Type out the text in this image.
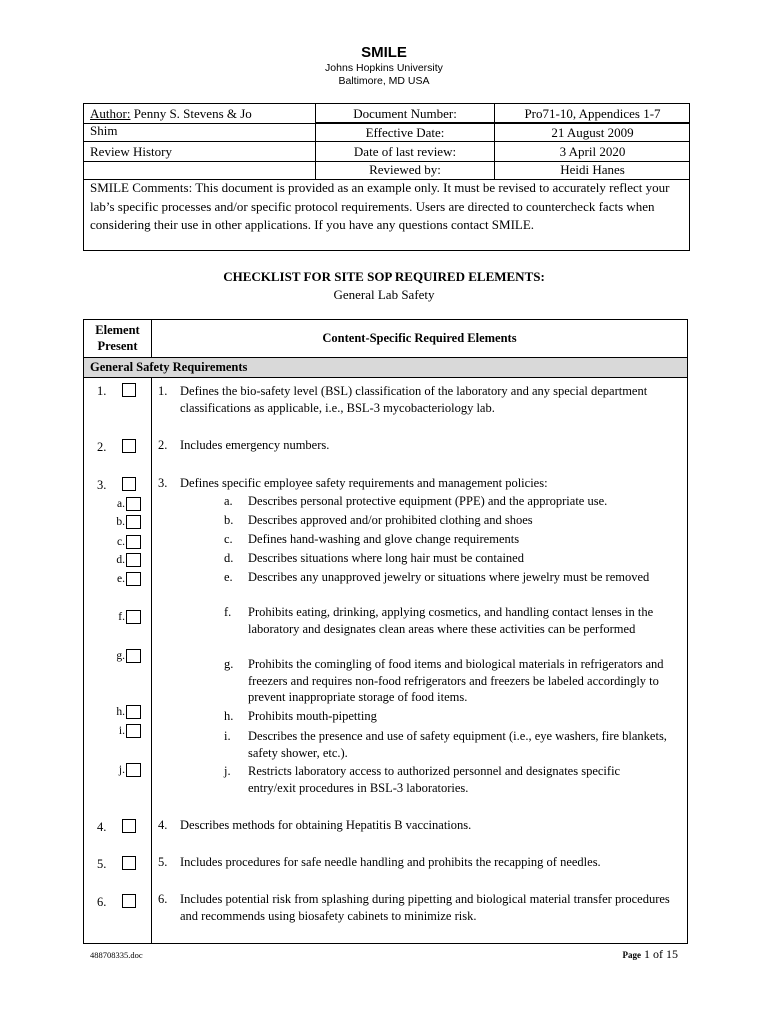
SMILE
Johns Hopkins University
Baltimore, MD USA
Author: Penny S. Stevens & Jo
Shim
Review History
Document Number:
Effective Date:
Date of last review:
Reviewed by:
Pro71-10, Appendices 1-7
21 August 2009
3 April 2020
Heidi Hanes
SMILE Comments: This document is provided as an example only. It must be revised to accurately reflect your lab’s specific processes and/or specific protocol requirements. Users are directed to countercheck facts when considering their use in other applications. If you have any questions contact SMILE.
CHECKLIST FOR SITE SOP REQUIRED ELEMENTS:
General Lab Safety
Element
Present
Content-Specific Required Elements
General Safety Requirements
1.
2.
3.
a.
b.
c.
d.
e.
f.
g.
h.
i.
j.
4.
5.
6.
1. Defines the bio-safety level (BSL) classification of the laboratory and any special department classifications as applicable, i.e., BSL-3 mycobacteriology lab.
2. Includes emergency numbers.
3. Defines specific employee safety requirements and management policies:
a. Describes personal protective equipment (PPE) and the appropriate use.
b. Describes approved and/or prohibited clothing and shoes
c. Defines hand-washing and glove change requirements
d. Describes situations where long hair must be contained
e. Describes any unapproved jewelry or situations where jewelry must be removed
f. Prohibits eating, drinking, applying cosmetics, and handling contact lenses in the laboratory and designates clean areas where these activities can be performed
g. Prohibits the comingling of food items and biological materials in refrigerators and freezers and requires non-food refrigerators and freezers be labeled accordingly to prevent inappropriate storage of food items.
h. Prohibits mouth-pipetting
i. Describes the presence and use of safety equipment (i.e., eye washers, fire blankets, safety shower, etc.).
j. Restricts laboratory access to authorized personnel and designates specific entry/exit procedures in BSL-3 laboratories.
4. Describes methods for obtaining Hepatitis B vaccinations.
5. Includes procedures for safe needle handling and prohibits the recapping of needles.
6. Includes potential risk from splashing during pipetting and biological material transfer procedures and recommends using biosafety cabinets to minimize risk.
488708335.doc	Page 1 of 15
